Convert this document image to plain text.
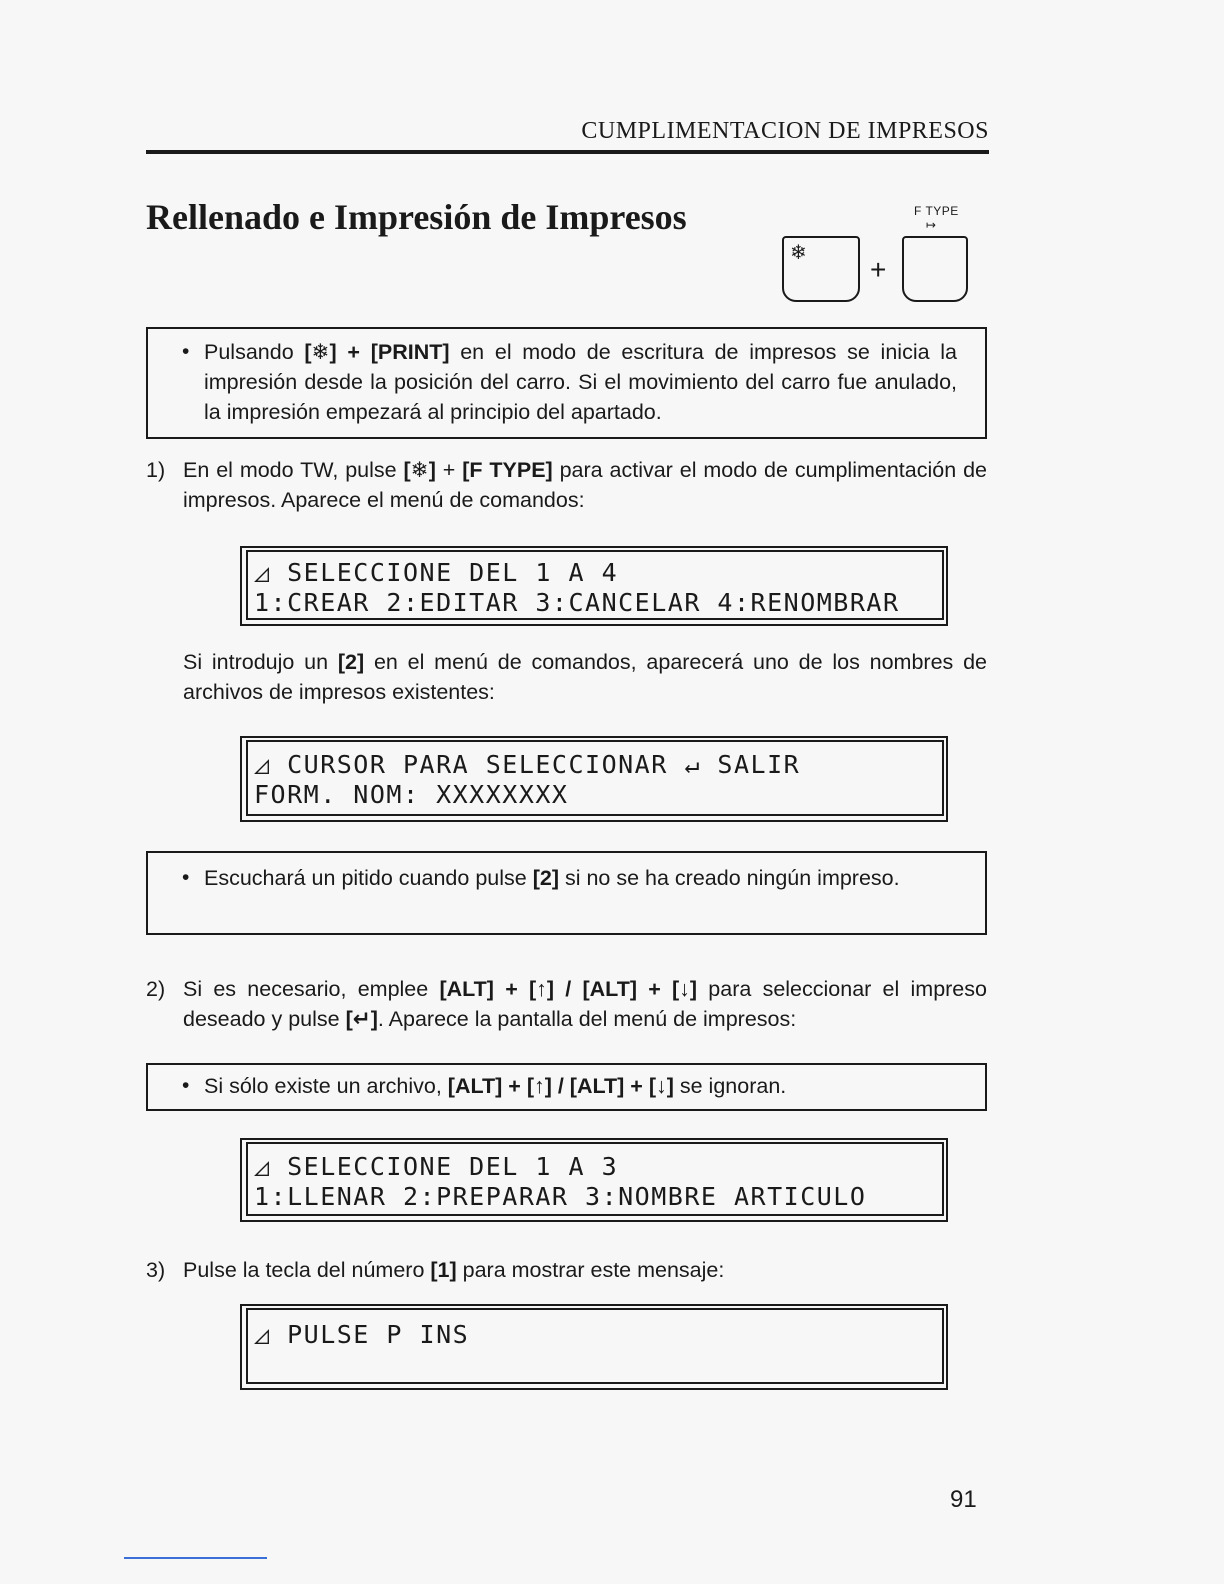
CUMPLIMENTACION DE IMPRESOS
Rellenado e Impresión de Impresos	F TYPE
↦
❄
+
• Pulsando [❄] + [PRINT] en el modo de escritura de impresos se inicia la impresión desde la posición del carro. Si el movimiento del carro fue anulado, la impresión empezará al principio del apartado.
1) En el modo TW, pulse [❄] + [F TYPE] para activar el modo de cumplimentación de impresos. Aparece el menú de comandos:
◿ SELECCIONE DEL 1 A 4
1:CREAR 2:EDITAR 3:CANCELAR 4:RENOMBRAR
Si introdujo un [2] en el menú de comandos, aparecerá uno de los nombres de archivos de impresos existentes:
◿ CURSOR PARA SELECCIONAR ↵ SALIR
FORM. NOM: XXXXXXXX
• Escuchará un pitido cuando pulse [2] si no se ha creado ningún impreso.
2) Si es necesario, emplee [ALT] + [↑] / [ALT] + [↓] para seleccionar el impreso deseado y pulse [↵]. Aparece la pantalla del menú de impresos:
• Si sólo existe un archivo, [ALT] + [↑] / [ALT] + [↓] se ignoran.
◿ SELECCIONE DEL 1 A 3
1:LLENAR 2:PREPARAR 3:NOMBRE ARTICULO
3) Pulse la tecla del número [1] para mostrar este mensaje:
◿ PULSE P INS
91
